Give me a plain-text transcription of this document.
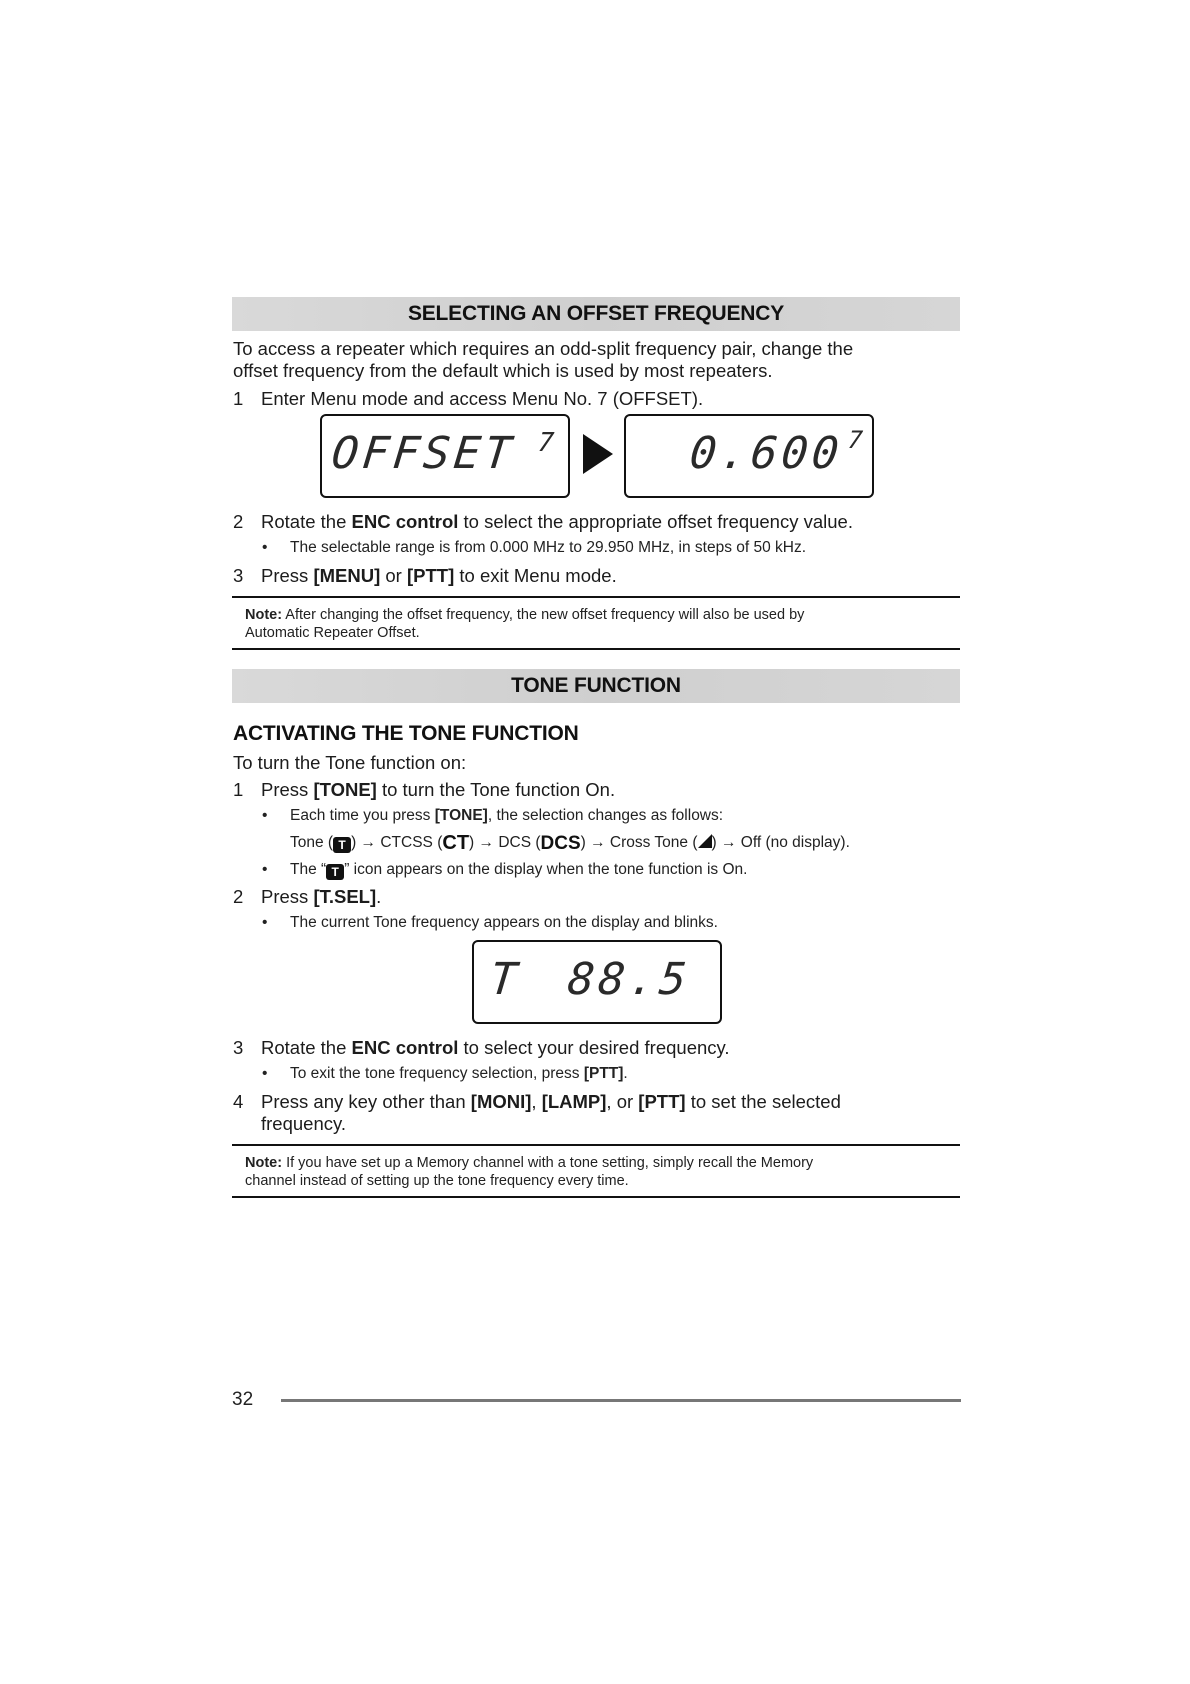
SELECTING AN OFFSET FREQUENCY
To access a repeater which requires an odd-split frequency pair, change the
offset frequency from the default which is used by most repeaters.
1 Enter Menu mode and access Menu No. 7 (OFFSET).
OFFSET 7	0.600 7
2 Rotate the ENC control to select the appropriate offset frequency value.
• The selectable range is from 0.000 MHz to 29.950 MHz, in steps of 50 kHz.
3 Press [MENU] or [PTT] to exit Menu mode.
Note: After changing the offset frequency, the new offset frequency will also be used by
Automatic Repeater Offset.
TONE FUNCTION
ACTIVATING THE TONE FUNCTION
To turn the Tone function on:
1 Press [TONE] to turn the Tone function On.
• Each time you press [TONE], the selection changes as follows:
Tone ( T ) → CTCSS (CT) → DCS (DCS) → Cross Tone ( ) → Off (no display).
• The “ T ” icon appears on the display when the tone function is On.
2 Press [T.SEL].
• The current Tone frequency appears on the display and blinks.
T 88.5
3 Rotate the ENC control to select your desired frequency.
• To exit the tone frequency selection, press [PTT].
4 Press any key other than [MONI], [LAMP], or [PTT] to set the selected
frequency.
Note: If you have set up a Memory channel with a tone setting, simply recall the Memory
channel instead of setting up the tone frequency every time.
32
